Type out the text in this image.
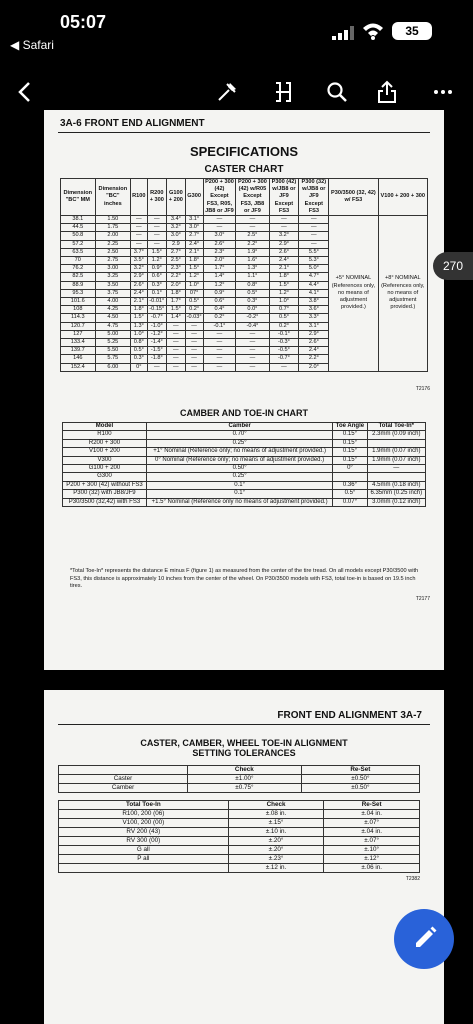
05:07
◀ Safari
35
3A-6 FRONT END ALIGNMENT
SPECIFICATIONS
CASTER CHART
Dimension "BC" MM	Dimension "BC" inches	R100	R200 + 300	G100 + 200	G300	P200 + 300 (42) Except FS3, R05, JB8 or JF9	P200 + 300 (42) w/R05 Except FS3, JB8 or JF9	P300 (42) w/JB8 or JF9 Except FS3	P300 (32) w/JB8 or JF9 Except FS3	P30/3500 (32, 42) w/ FS3	V100 + 200 + 300
38.1	1.50	—	—	3.4°	3.1°	—	—	—	—	+5° NOMINAL (References only, no means of adjustment provided.)	+8° NOMINAL (References only, no means of adjustment provided.)
44.5	1.75	—	—	3.2°	3.0°	—	—	—	—		
50.8	2.00	—	—	3.0°	2.7°	3.0°	2.5°	3.2°	—		
57.2	2.25	—	—	2.9	2.4°	2.6°	2.2°	2.9°	—		
63.5	2.50	3.7°	1.5°	2.7°	2.1°	2.3°	1.9°	2.6°	5.5°		
70	2.75	3.5°	1.2°	2.5°	1.8°	2.0°	1.6°	2.4°	5.3°		
76.2	3.00	3.2°	0.9°	2.3°	1.5°	1.7°	1.3°	2.1°	5.0°		
82.5	3.25	2.9°	0.6°	2.2°	1.2°	1.4°	1.1°	1.8°	4.7°		
88.9	3.50	2.6°	0.3°	2.0°	1.0°	1.2°	0.8°	1.5°	4.4°		
95.3	3.75	2.4°	0.1°	1.8°	07°	0.9°	0.5°	1.2°	4.1°		
101.6	4.00	2.1°	-0.01°	1.7°	0.5°	0.6°	0.3°	1.0°	3.8°		
108	4.25	1.8°	-0.15°	1.5°	0.2°	0.4°	0.0°	0.7°	3.6°		
114.3	4.50	1.5°	-0.7°	1.4°	-0.03°	0.2°	-0.2°	0.5°	3.3°		
120.7	4.75	1.3°	-1.0°	—	—	-0.1°	-0.4°	0.2°	3.1°		
127	5.00	1.0°	-1.2°	—	—	—	—	-0.1°	2.9°		
133.4	5.25	0.8°	-1.4°	—	—	—	—	-0.3°	2.6°		
139.7	5.50	0.5°	-1.5°	—	—	—	—	-0.5°	2.4°		
146	5.75	0.3°	-1.8°	—	—	—	—	-0.7°	2.2°		
152.4	6.00	0°	—	—	—	—	—	—	2.0°		
T2176
CAMBER AND TOE-IN CHART
Model	Camber	Toe Angle	Total Toe-In*
R100	0.70°	0.15°	2.3mm (0.09 inch)
R200 + 300	0.25°	0.15°	
V100 + 200	+1° Nominal (Reference only; no means of adjustment provided.)	0.15°	1.9mm (0.07 inch)
V300	0° Nominal (Reference only; no means of adjustment provided.)	0.15°	1.9mm (0.07 inch)
G100 + 200	0.50°	0°	—
G300	0.25°		
P200 + 300 (42) without FS3	0.1°	0.36°	4.5mm (0.18 inch)
P300 (32) with JB8/JF9	0.1°	0.5°	6.35mm (0.25 inch)
P30/3500 (32,42) with FS3	+1.5° Nominal (Reference only no means of adjustment provided.)	0.07°	3.0mm (0.12 inch)
*Total Toe-In* represents the distance E minus F (figure 1) as measured from the center of the tire tread. On all models except P30/3500 with FS3, this distance is approximately 10 inches from the center of the wheel. On P30/3500 models with FS3, total toe-in is based on 19.5 inch tires.
T2177
270
FRONT END ALIGNMENT 3A-7
CASTER, CAMBER, WHEEL TOE-IN ALIGNMENT SETTING TOLERANCES
	Check	Re-Set
Caster	±1.00°	±0.50°
Camber	±0.75°	±0.50°
Total Toe-In	Check	Re-Set
R100, 200 (06)	±.08 in.	±.04 in.
V100, 200 (00)	±.15°	±.07°
RV 200 (43)	±.10 in.	±.04 in.
RV 300 (00)	±.20°	±.07°
G all	±.20°	±.10°
P all	±.23°	±.12°
	±.12 in.	±.06 in.
T2382
